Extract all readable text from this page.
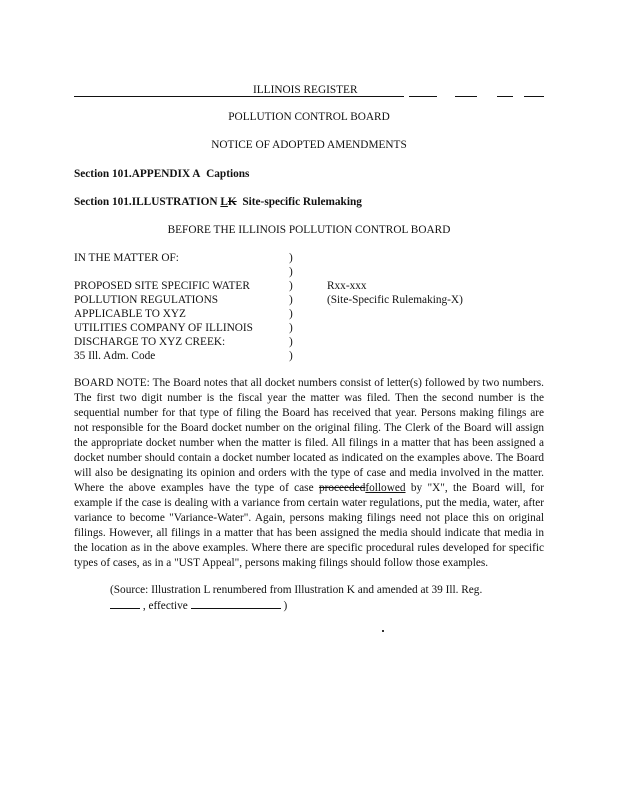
ILLINOIS REGISTER
POLLUTION CONTROL BOARD
NOTICE OF ADOPTED AMENDMENTS
Section 101.APPENDIX A Captions
Section 101.ILLUSTRATION LK Site-specific Rulemaking
BEFORE THE ILLINOIS POLLUTION CONTROL BOARD
IN THE MATTER OF:	)
)
PROPOSED SITE SPECIFIC WATER	)	Rxx-xxx
POLLUTION REGULATIONS	)	(Site-Specific Rulemaking-X)
APPLICABLE TO XYZ	)
UTILITIES COMPANY OF ILLINOIS	)
DISCHARGE TO XYZ CREEK:	)
35 Ill. Adm. Code	)
BOARD NOTE: The Board notes that all docket numbers consist of letter(s) followed by two numbers. The first two digit number is the fiscal year the matter was filed. Then the second number is the sequential number for that type of filing the Board has received that year. Persons making filings are not responsible for the Board docket number on the original filing. The Clerk of the Board will assign the appropriate docket number when the matter is filed. All filings in a matter that has been assigned a docket number should contain a docket number located as indicated on the examples above. The Board will also be designating its opinion and orders with the type of case and media involved in the matter. Where the above examples have the type of case proceededfollowed by "X", the Board will, for example if the case is dealing with a variance from certain water regulations, put the media, water, after variance to become "Variance-Water". Again, persons making filings need not place this on original filings. However, all filings in a matter that has been assigned the media should indicate that media in the location as in the above examples. Where there are specific procedural rules developed for specific types of cases, as in a "UST Appeal", persons making filings should follow those examples.
(Source: Illustration L renumbered from Illustration K and amended at 39 Ill. Reg.
, effective	)
